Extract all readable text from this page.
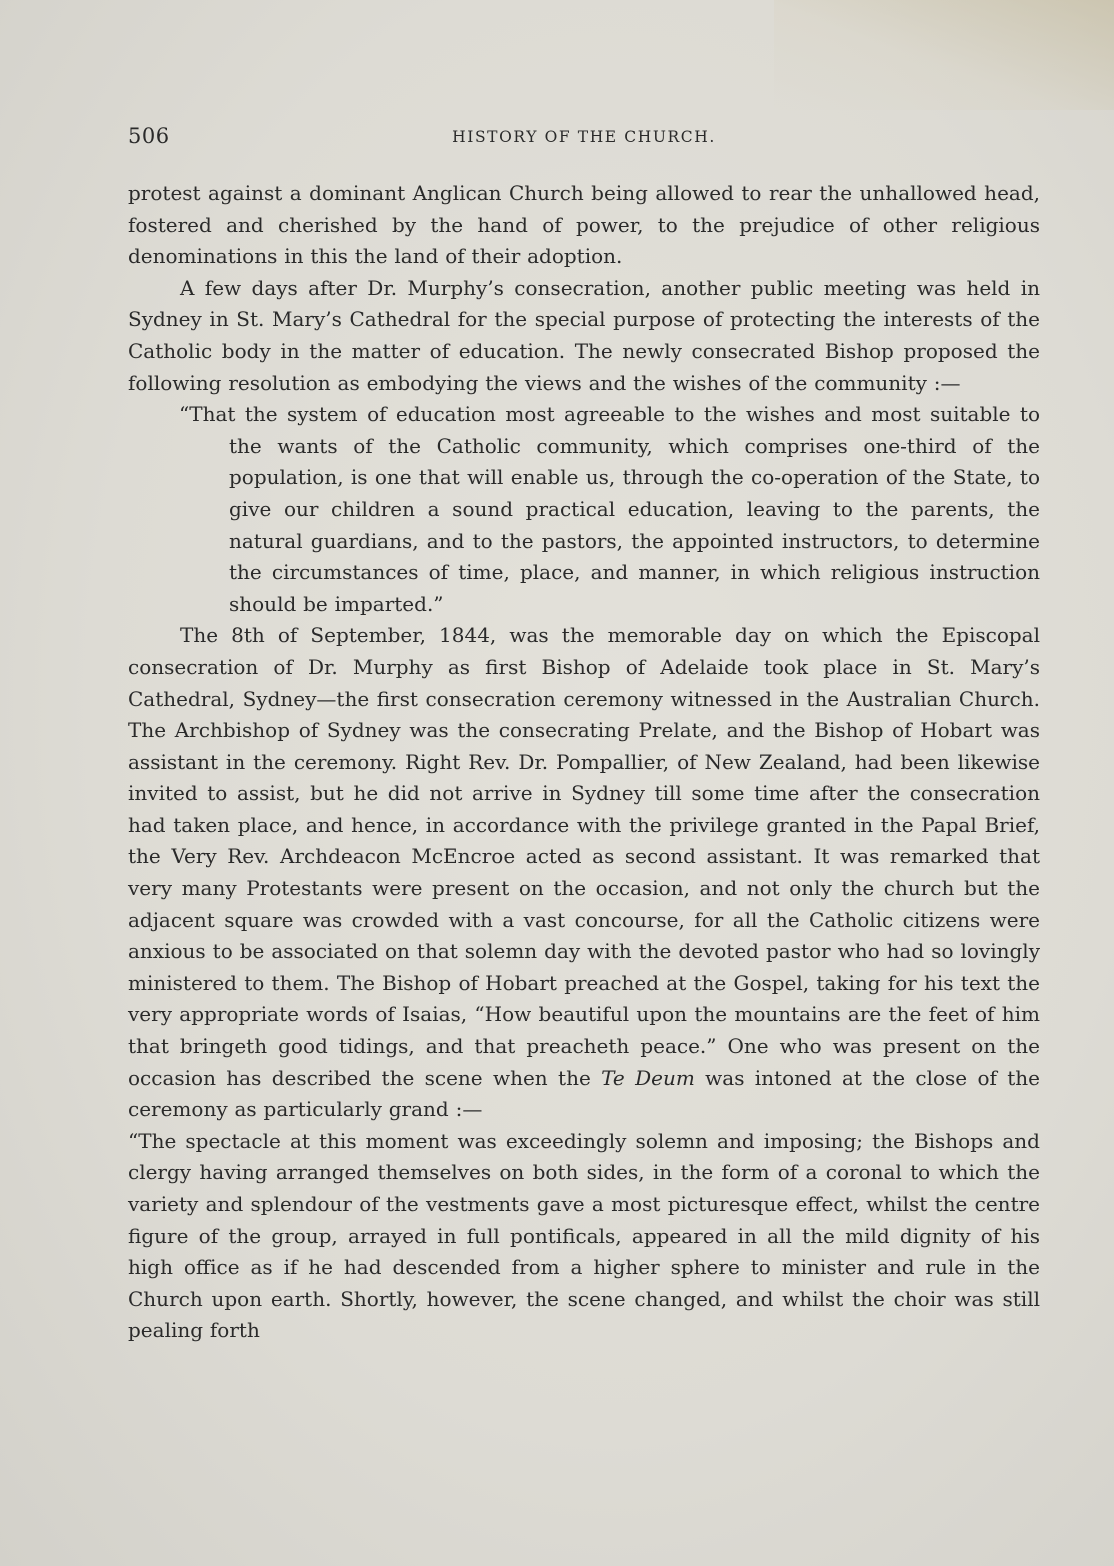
506	HISTORY OF THE CHURCH.

protest against a dominant Anglican Church being allowed to rear the unhallowed head, fostered and cherished by the hand of power, to the prejudice of other religious denominations in this the land of their adoption.

A few days after Dr. Murphy’s consecration, another public meeting was held in Sydney in St. Mary’s Cathedral for the special purpose of protecting the interests of the Catholic body in the matter of education. The newly consecrated Bishop proposed the following resolution as embodying the views and the wishes of the community :—

“That the system of education most agreeable to the wishes and most suitable to the wants of the Catholic community, which comprises one-third of the population, is one that will enable us, through the co-operation of the State, to give our children a sound practical education, leaving to the parents, the natural guardians, and to the pastors, the appointed instructors, to determine the circumstances of time, place, and manner, in which religious instruction should be imparted.”

The 8th of September, 1844, was the memorable day on which the Episcopal consecration of Dr. Murphy as first Bishop of Adelaide took place in St. Mary’s Cathedral, Sydney—the first consecration ceremony witnessed in the Australian Church. The Archbishop of Sydney was the consecrating Prelate, and the Bishop of Hobart was assistant in the ceremony. Right Rev. Dr. Pompallier, of New Zealand, had been likewise invited to assist, but he did not arrive in Sydney till some time after the consecration had taken place, and hence, in accordance with the privilege granted in the Papal Brief, the Very Rev. Archdeacon McEncroe acted as second assistant. It was remarked that very many Protestants were present on the occasion, and not only the church but the adjacent square was crowded with a vast concourse, for all the Catholic citizens were anxious to be associated on that solemn day with the devoted pastor who had so lovingly ministered to them. The Bishop of Hobart preached at the Gospel, taking for his text the very appropriate words of Isaias, “How beautiful upon the mountains are the feet of him that bringeth good tidings, and that preacheth peace.” One who was present on the occasion has described the scene when the Te Deum was intoned at the close of the ceremony as particularly grand :—

“The spectacle at this moment was exceedingly solemn and imposing; the Bishops and clergy having arranged themselves on both sides, in the form of a coronal to which the variety and splendour of the vestments gave a most picturesque effect, whilst the centre figure of the group, arrayed in full pontificals, appeared in all the mild dignity of his high office as if he had descended from a higher sphere to minister and rule in the Church upon earth. Shortly, however, the scene changed, and whilst the choir was still pealing forth
